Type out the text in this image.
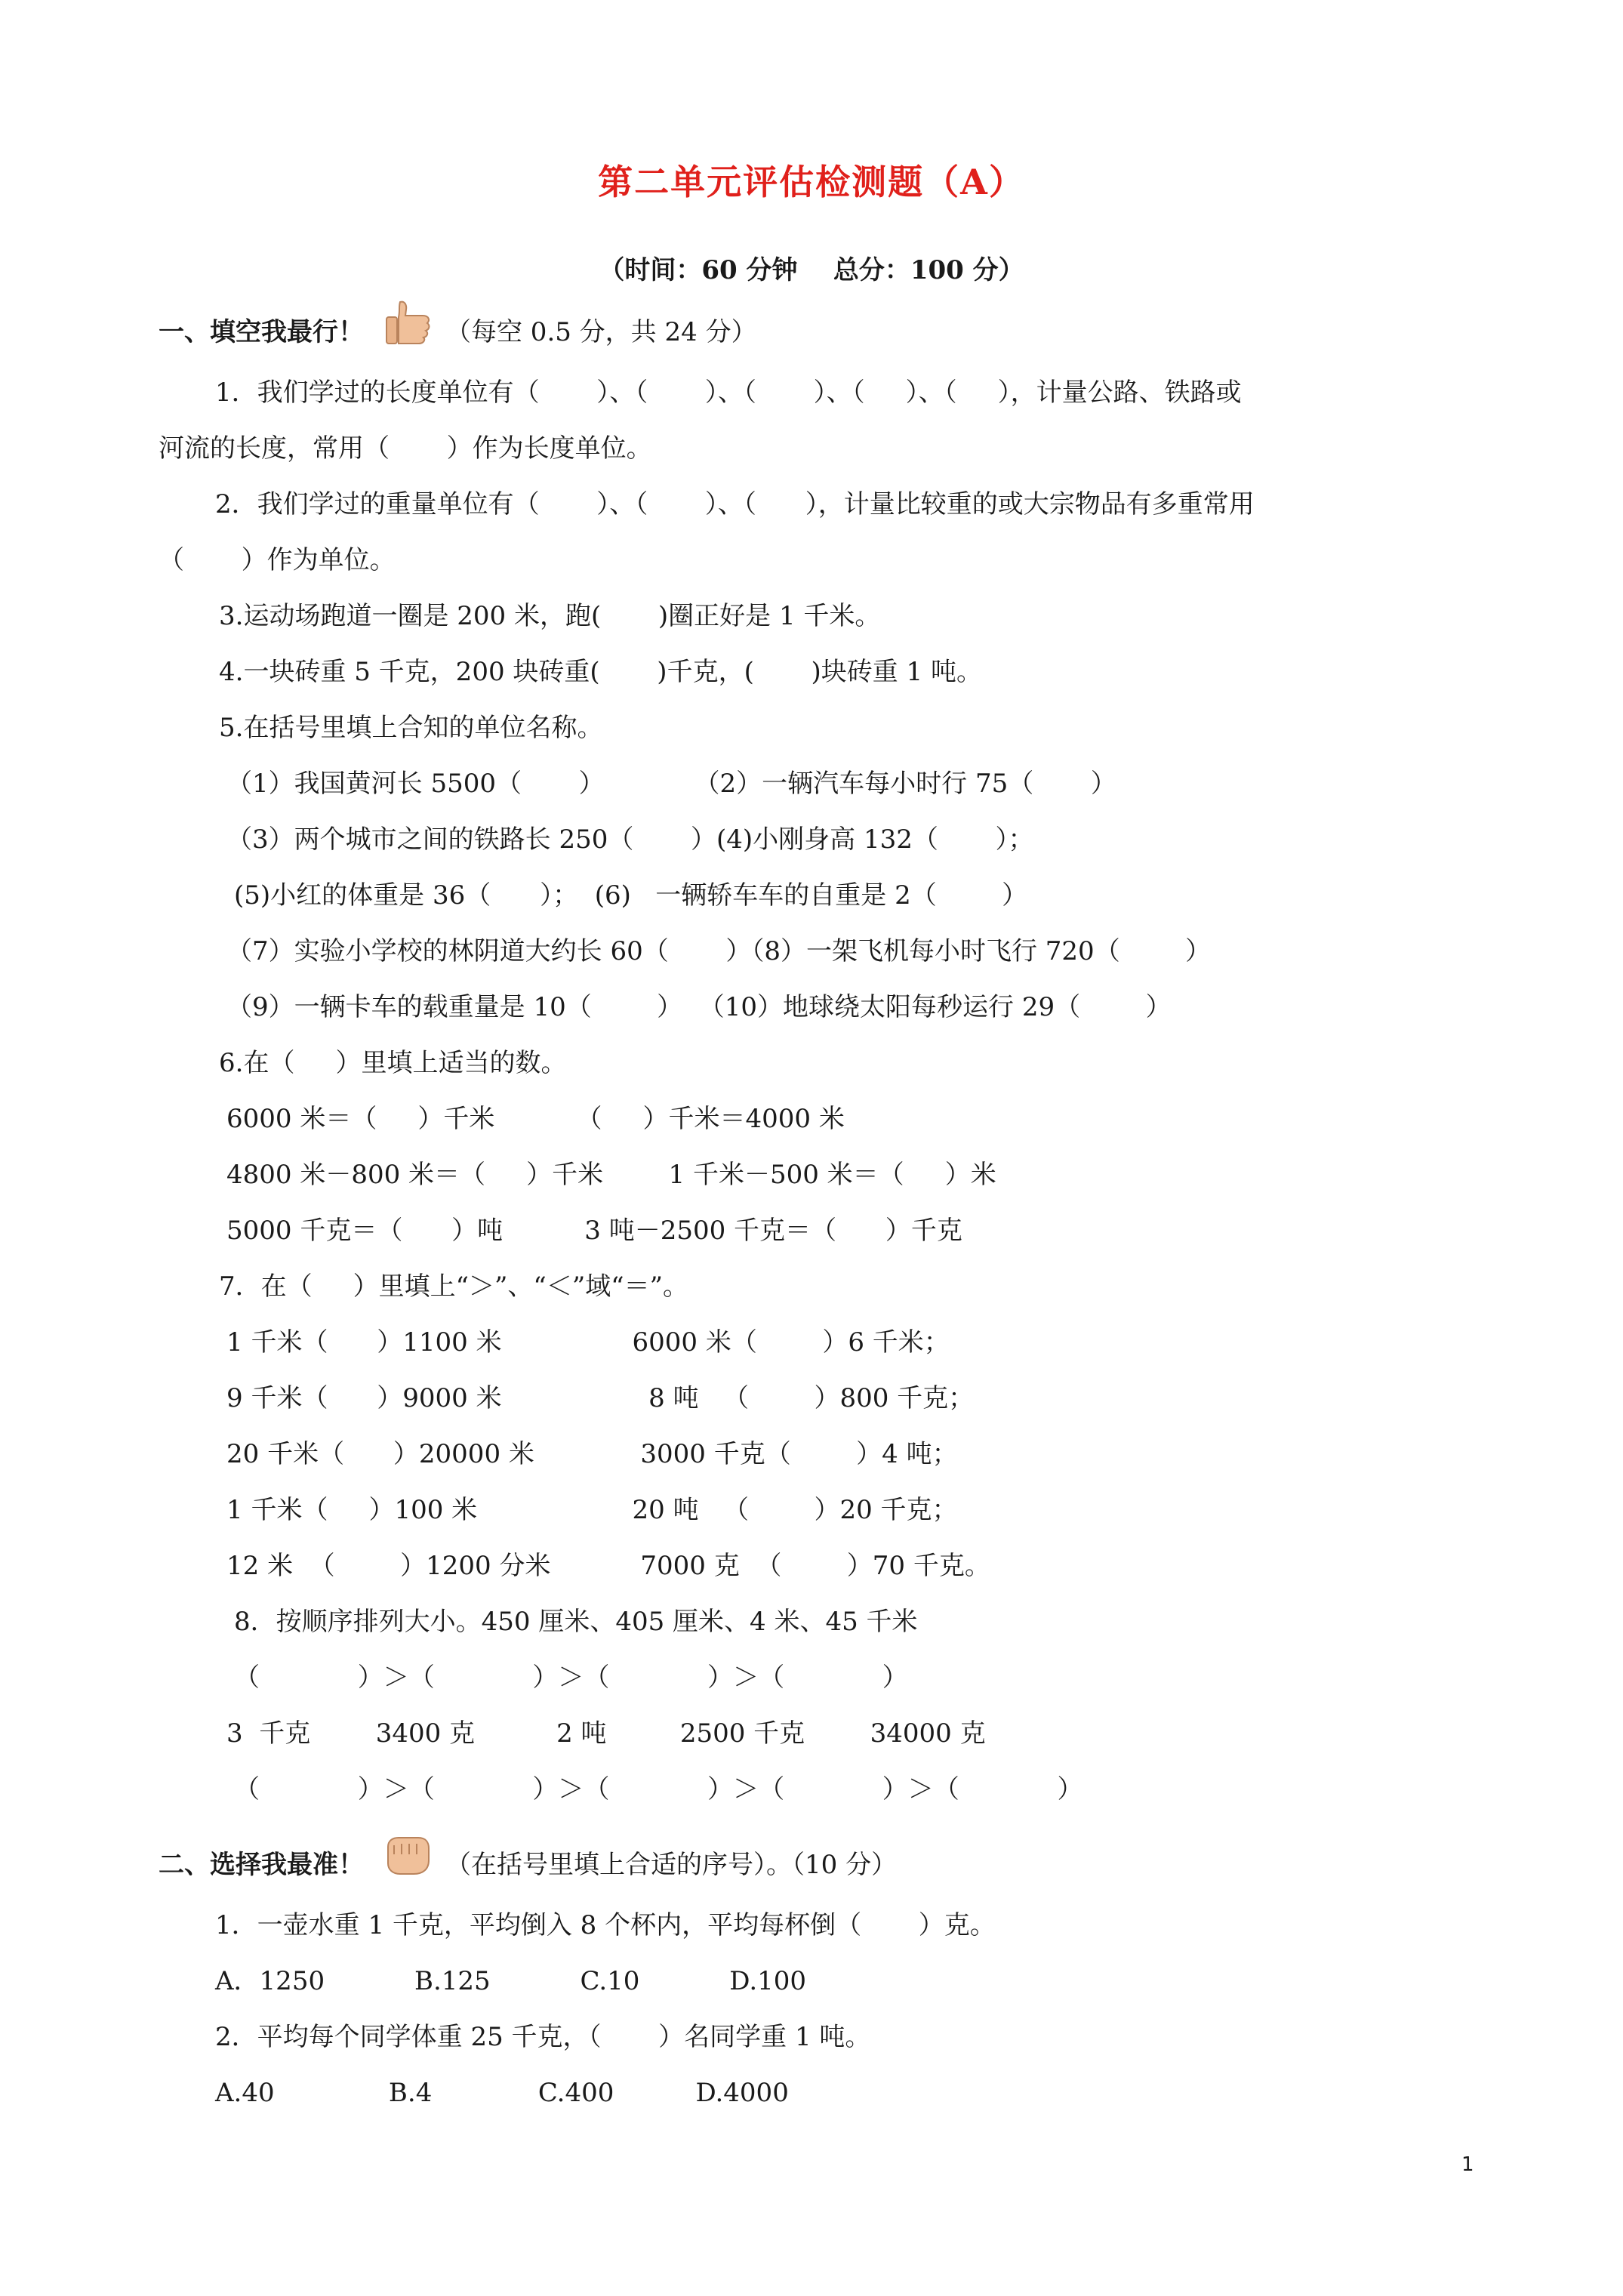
第二单元评估检测题（A）
（时间：60 分钟    总分：100 分）
一、填空我最行！	（每空 0.5 分，共 24 分）
1．我们学过的长度单位有（       ）、（       ）、（       ）、（     ）、（     ），计量公路、铁路或
河流的长度，常用（       ）作为长度单位。
2．我们学过的重量单位有（       ）、（       ）、（      ），计量比较重的或大宗物品有多重常用
（       ）作为单位。
3.运动场跑道一圈是 200 米，跑(       )圈正好是 1 千米。
4.一块砖重 5 千克，200 块砖重(       )千克，(       )块砖重 1 吨。
5.在括号里填上合知的单位名称。
（1）我国黄河长 5500（       ）           （2）一辆汽车每小时行 75（       ）
（3）两个城市之间的铁路长 250（       ）(4)小刚身高 132（       ）；
(5)小红的体重是 36（      ）；  (6)   一辆轿车车的自重是 2（        ）
（7）实验小学校的林阴道大约长 60（       ）（8）一架飞机每小时飞行 720（        ）
（9）一辆卡车的载重量是 10（        ）  （10）地球绕太阳每秒运行 29（        ）
6.在（     ）里填上适当的数。
6000 米＝（     ）千米          （     ）千米＝4000 米
4800 米－800 米＝（     ）千米        1 千米－500 米＝（     ）米
5000 千克＝（      ）吨          3 吨－2500 千克＝（      ）千克
7．在（     ）里填上“＞”、“＜”域“＝”。
1 千米（      ）1100 米                6000 米（        ）6 千米；
9 千米（      ）9000 米                  8 吨   （        ）800 千克；
20 千米（      ）20000 米             3000 千克（        ）4 吨；
1 千米（     ）100 米                   20 吨   （        ）20 千克；
12 米  （        ）1200 分米           7000 克  （        ）70 千克。
8．按顺序排列大小。450 厘米、405 厘米、4 米、45 千米
（            ）＞（            ）＞（            ）＞（            ）
3  千克        3400 克          2 吨         2500 千克        34000 克
（            ）＞（            ）＞（            ）＞（            ）＞（            ）
二、选择我最准！	（在括号里填上合适的序号）。（10 分）
1．一壶水重 1 千克，平均倒入 8 个杯内，平均每杯倒（       ）克。
A．1250           B.125           C.10           D.100
2．平均每个同学体重 25 千克，（       ）名同学重 1 吨。
A.40              B.4             C.400          D.4000
1
